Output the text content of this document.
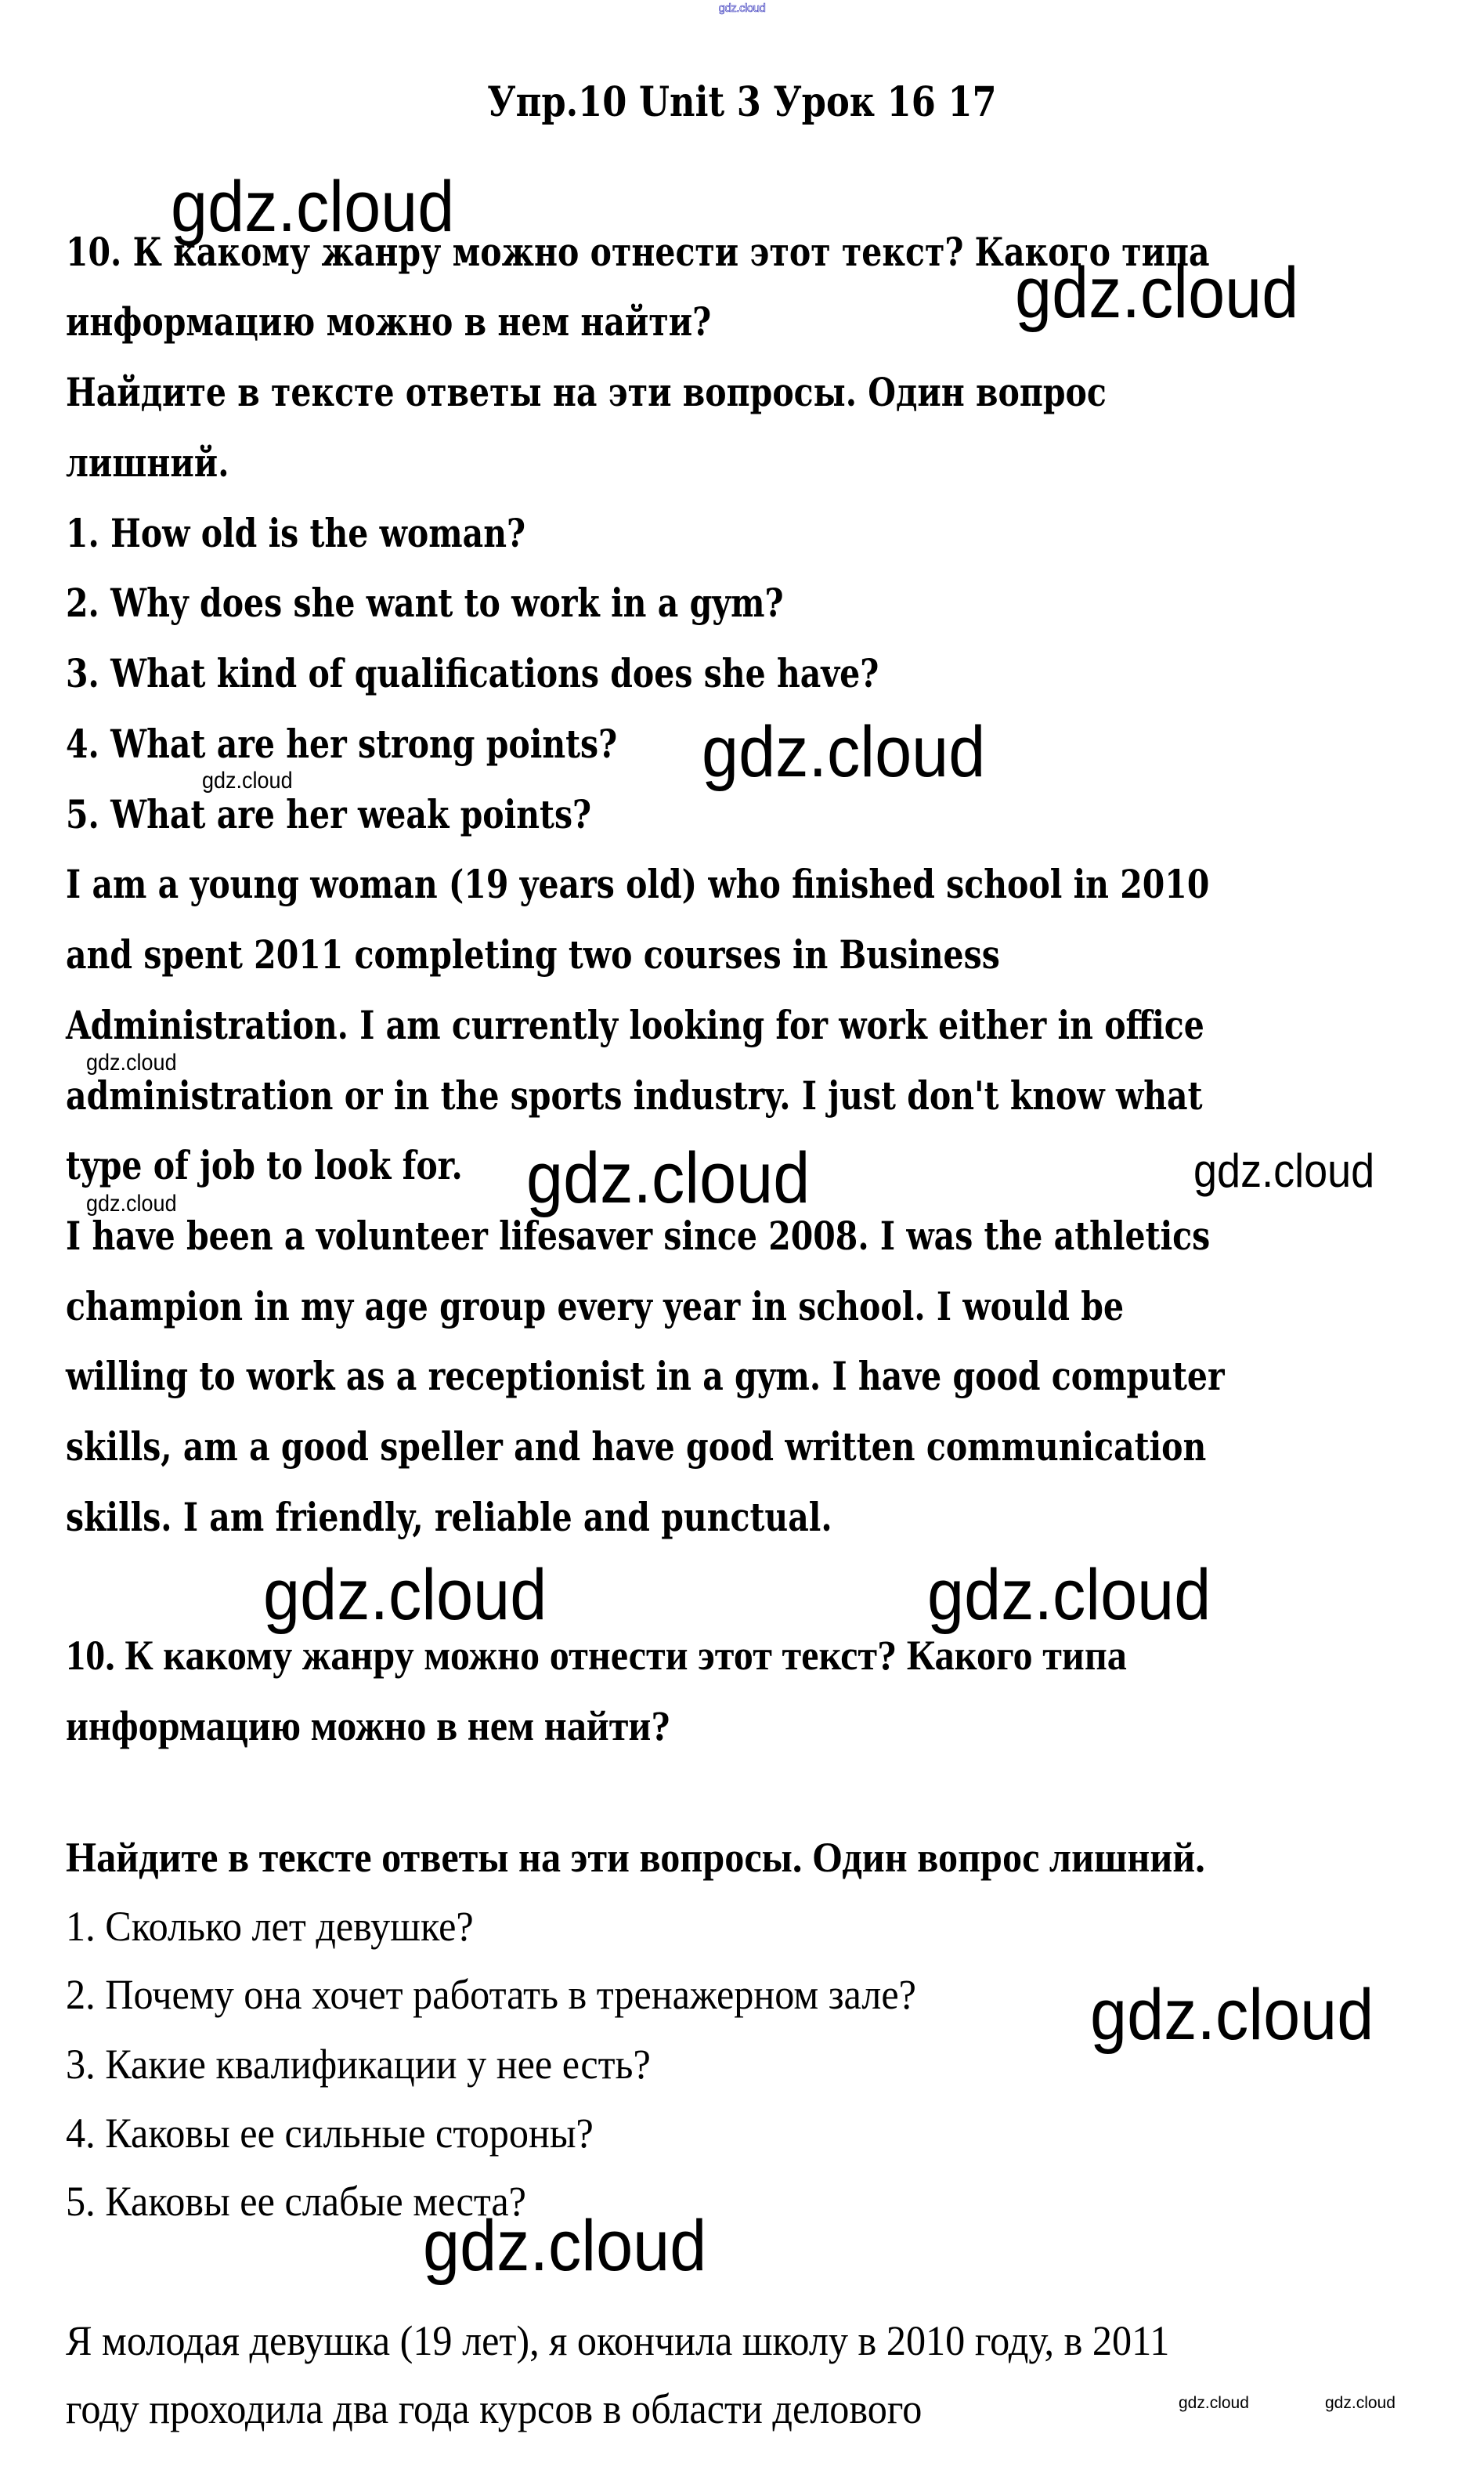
gdz.cloud
Упр.10 Unit 3 Урок 16 17
10. К какому жанру можно отнести этот текст? Какого типа
информацию можно в нем найти?
Найдите в тексте ответы на эти вопросы. Один вопрос
лишний.
1. How old is the woman?
2. Why does she want to work in a gym?
3. What kind of qualifications does she have?
4. What are her strong points?
5. What are her weak points?
I am a young woman (19 years old) who finished school in 2010
and spent 2011 completing two courses in Business
Administration. I am currently looking for work either in office
administration or in the sports industry. I just don't know what
type of job to look for.
I have been a volunteer lifesaver since 2008. I was the athletics
champion in my age group every year in school. I would be
willing to work as a receptionist in a gym. I have good computer
skills, am a good speller and have good written communication
skills. I am friendly, reliable and punctual.
10. К какому жанру можно отнести этот текст? Какого типа
информацию можно в нем найти?
Найдите в тексте ответы на эти вопросы. Один вопрос лишний.
1. Сколько лет девушке?
2. Почему она хочет работать в тренажерном зале?
3. Какие квалификации у нее есть?
4. Каковы ее сильные стороны?
5. Каковы ее слабые места?
Я молодая девушка (19 лет), я окончила школу в 2010 году, в 2011
году проходила два года курсов в области делового
gdz.cloud
gdz.cloud
gdz.cloud
gdz.cloud
gdz.cloud	gdz.cloud
gdz.cloud
gdz.cloud
gdz.cloud
gdz.cloud
gdz.cloud
gdz.cloud
gdz.cloud	gdz.cloud
